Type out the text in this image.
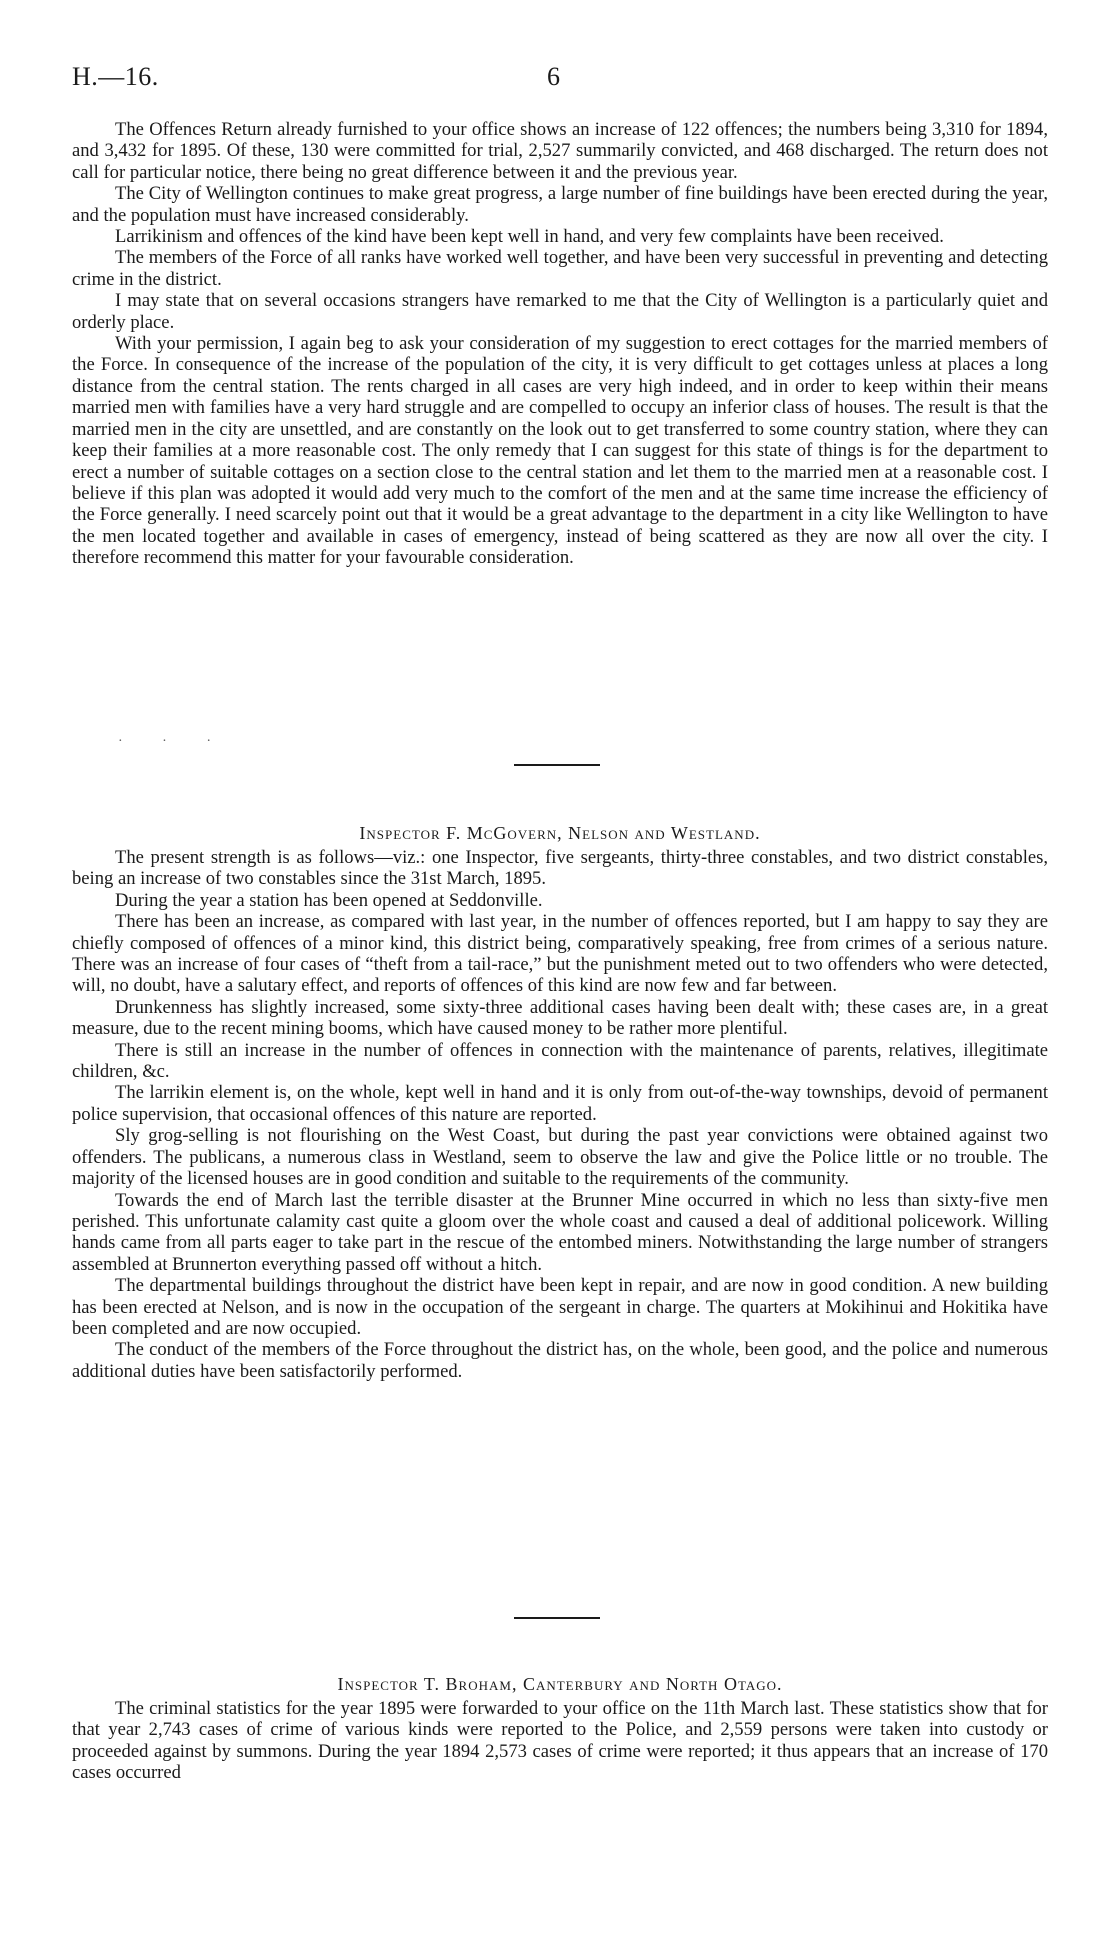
H.—16.	6

The Offences Return already furnished to your office shows an increase of 122 offences; the numbers being 3,310 for 1894, and 3,432 for 1895. Of these, 130 were committed for trial, 2,527 summarily convicted, and 468 discharged. The return does not call for particular notice, there being no great difference between it and the previous year.

The City of Wellington continues to make great progress, a large number of fine buildings have been erected during the year, and the population must have increased considerably.

Larrikinism and offences of the kind have been kept well in hand, and very few complaints have been received.

The members of the Force of all ranks have worked well together, and have been very successful in preventing and detecting crime in the district.

I may state that on several occasions strangers have remarked to me that the City of Wellington is a particularly quiet and orderly place.

With your permission, I again beg to ask your consideration of my suggestion to erect cottages for the married members of the Force. In consequence of the increase of the population of the city, it is very difficult to get cottages unless at places a long distance from the central station. The rents charged in all cases are very high indeed, and in order to keep within their means married men with families have a very hard struggle and are compelled to occupy an inferior class of houses. The result is that the married men in the city are unsettled, and are constantly on the look out to get transferred to some country station, where they can keep their families at a more reasonable cost. The only remedy that I can suggest for this state of things is for the department to erect a number of suitable cottages on a section close to the central station and let them to the married men at a reasonable cost. I believe if this plan was adopted it would add very much to the comfort of the men and at the same time increase the efficiency of the Force generally. I need scarcely point out that it would be a great advantage to the department in a city like Wellington to have the men located together and available in cases of emergency, instead of being scattered as they are now all over the city. I therefore recommend this matter for your favourable consideration.

· · ·
Inspector F. McGovern, Nelson and Westland.

The present strength is as follows—viz.: one Inspector, five sergeants, thirty-three constables, and two district constables, being an increase of two constables since the 31st March, 1895.

During the year a station has been opened at Seddonville.

There has been an increase, as compared with last year, in the number of offences reported, but I am happy to say they are chiefly composed of offences of a minor kind, this district being, comparatively speaking, free from crimes of a serious nature. There was an increase of four cases of “theft from a tail-race,” but the punishment meted out to two offenders who were detected, will, no doubt, have a salutary effect, and reports of offences of this kind are now few and far between.

Drunkenness has slightly increased, some sixty-three additional cases having been dealt with; these cases are, in a great measure, due to the recent mining booms, which have caused money to be rather more plentiful.

There is still an increase in the number of offences in connection with the maintenance of parents, relatives, illegitimate children, &c.

The larrikin element is, on the whole, kept well in hand and it is only from out-of-the-way townships, devoid of permanent police supervision, that occasional offences of this nature are reported.

Sly grog-selling is not flourishing on the West Coast, but during the past year convictions were obtained against two offenders. The publicans, a numerous class in Westland, seem to observe the law and give the Police little or no trouble. The majority of the licensed houses are in good condition and suitable to the requirements of the community.

Towards the end of March last the terrible disaster at the Brunner Mine occurred in which no less than sixty-five men perished. This unfortunate calamity cast quite a gloom over the whole coast and caused a deal of additional policework. Willing hands came from all parts eager to take part in the rescue of the entombed miners. Notwithstanding the large number of strangers assembled at Brunnerton everything passed off without a hitch.

The departmental buildings throughout the district have been kept in repair, and are now in good condition. A new building has been erected at Nelson, and is now in the occupation of the sergeant in charge. The quarters at Mokihinui and Hokitika have been completed and are now occupied.

The conduct of the members of the Force throughout the district has, on the whole, been good, and the police and numerous additional duties have been satisfactorily performed.

Inspector T. Broham, Canterbury and North Otago.

The criminal statistics for the year 1895 were forwarded to your office on the 11th March last. These statistics show that for that year 2,743 cases of crime of various kinds were reported to the Police, and 2,559 persons were taken into custody or proceeded against by summons. During the year 1894 2,573 cases of crime were reported; it thus appears that an increase of 170 cases occurred
